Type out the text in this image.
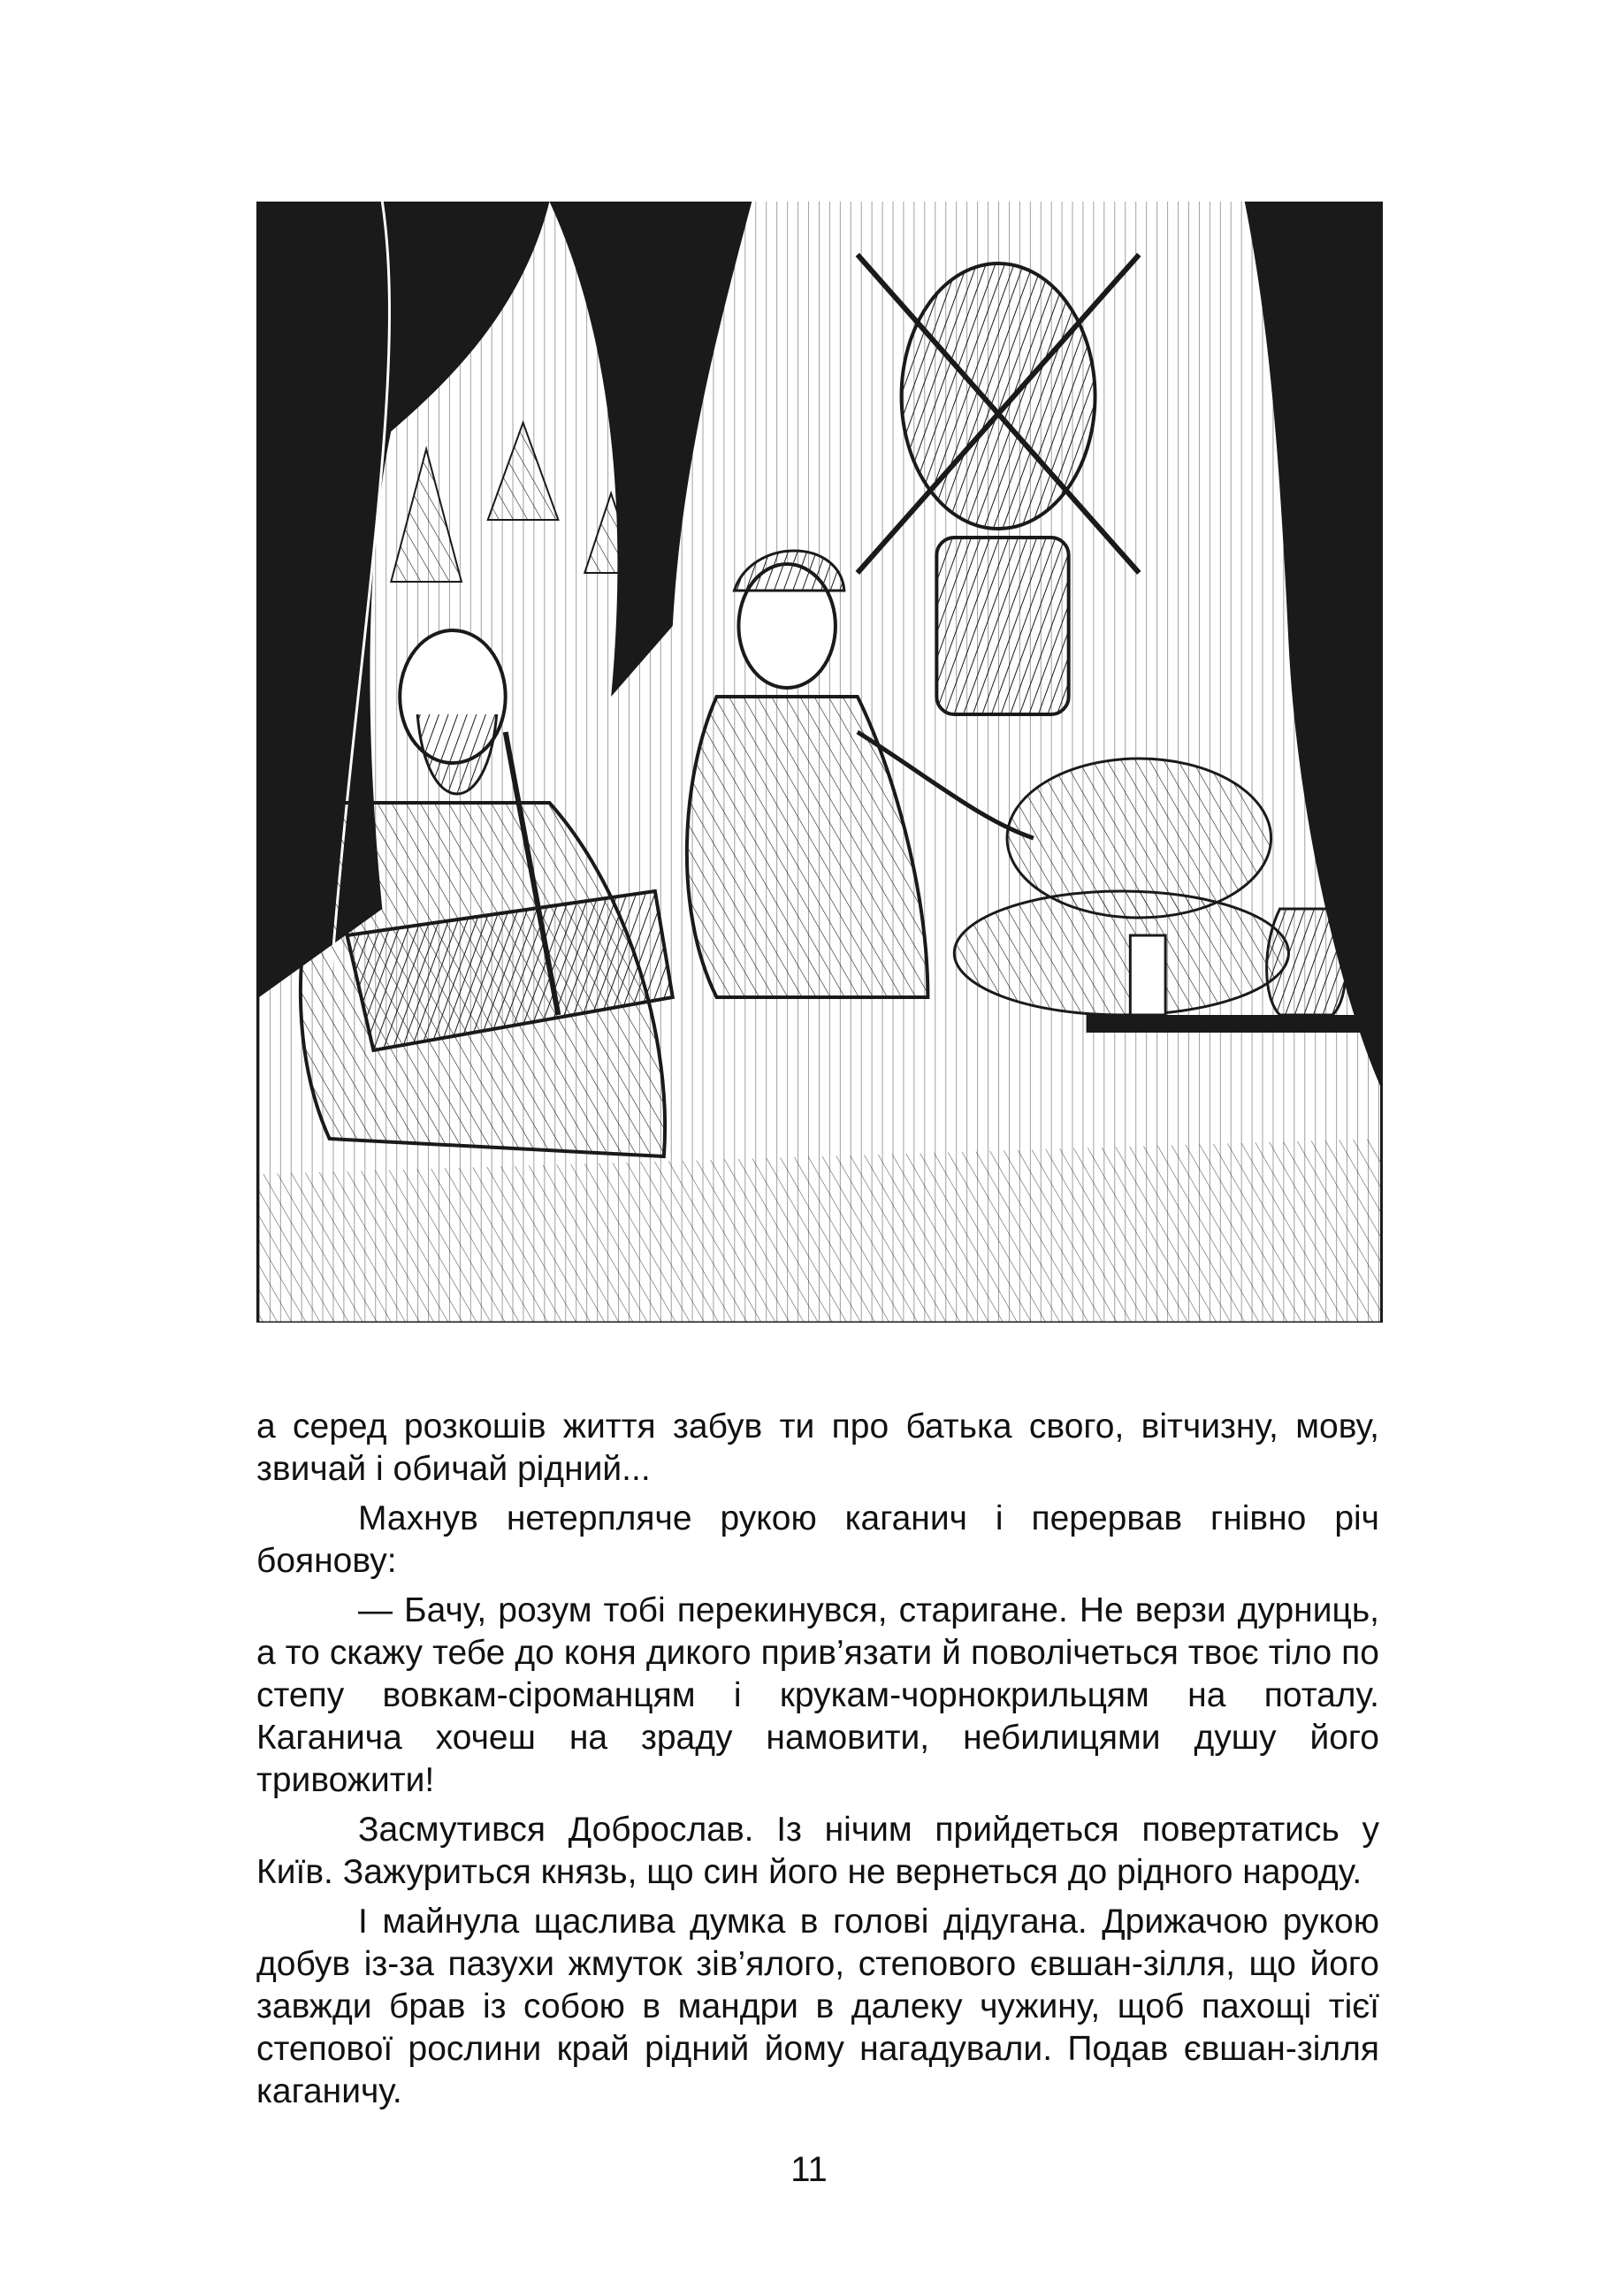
а серед розкошів життя забув ти про батька свого, вітчизну, мову, звичай і обичай рідний...

Махнув нетерпляче рукою каганич і перервав гнівно річ боянову:

— Бачу, розум тобі перекинувся, старигане. Не верзи дурниць, а то скажу тебе до коня дикого прив’язати й поволічеться твоє тіло по степу вовкам-сіроманцям і крукам-чорнокрильцям на поталу. Каганича хочеш на зраду намовити, небилицями душу його тривожити!

Засмутився Доброслав. Із нічим прийдеться повертатись у Київ. Зажуриться князь, що син його не вернеться до рідного народу.

І майнула щаслива думка в голові дідугана. Дрижачою рукою добув із-за пазухи жмуток зів’ялого, степового євшан-зілля, що його завжди брав із собою в мандри в далеку чужину, щоб пахощі тієї степової рослини край рідний йому нагадували. Подав євшан-зілля каганичу.

11
